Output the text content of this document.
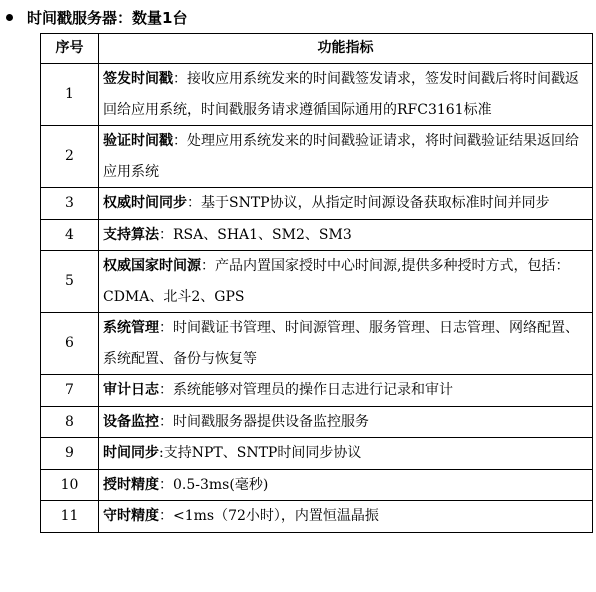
时间戳服务器：数量1台
序号	功能指标
1	签发时间戳：接收应用系统发来的时间戳签发请求，签发时间戳后将时间戳返回给应用系统，时间戳服务请求遵循国际通用的RFC3161标准
2	验证时间戳：处理应用系统发来的时间戳验证请求，将时间戳验证结果返回给应用系统
3	权威时间同步：基于SNTP协议，从指定时间源设备获取标准时间并同步
4	支持算法：RSA、SHA1、SM2、SM3
5	权威国家时间源：产品内置国家授时中心时间源,提供多种授时方式，包括：CDMA、北斗2、GPS
6	系统管理：时间戳证书管理、时间源管理、服务管理、日志管理、网络配置、系统配置、备份与恢复等
7	审计日志：系统能够对管理员的操作日志进行记录和审计
8	设备监控：时间戳服务器提供设备监控服务
9	时间同步:支持NPT、SNTP时间同步协议
10	授时精度：0.5-3ms(毫秒)
11	守时精度：<1ms（72小时），内置恒温晶振
